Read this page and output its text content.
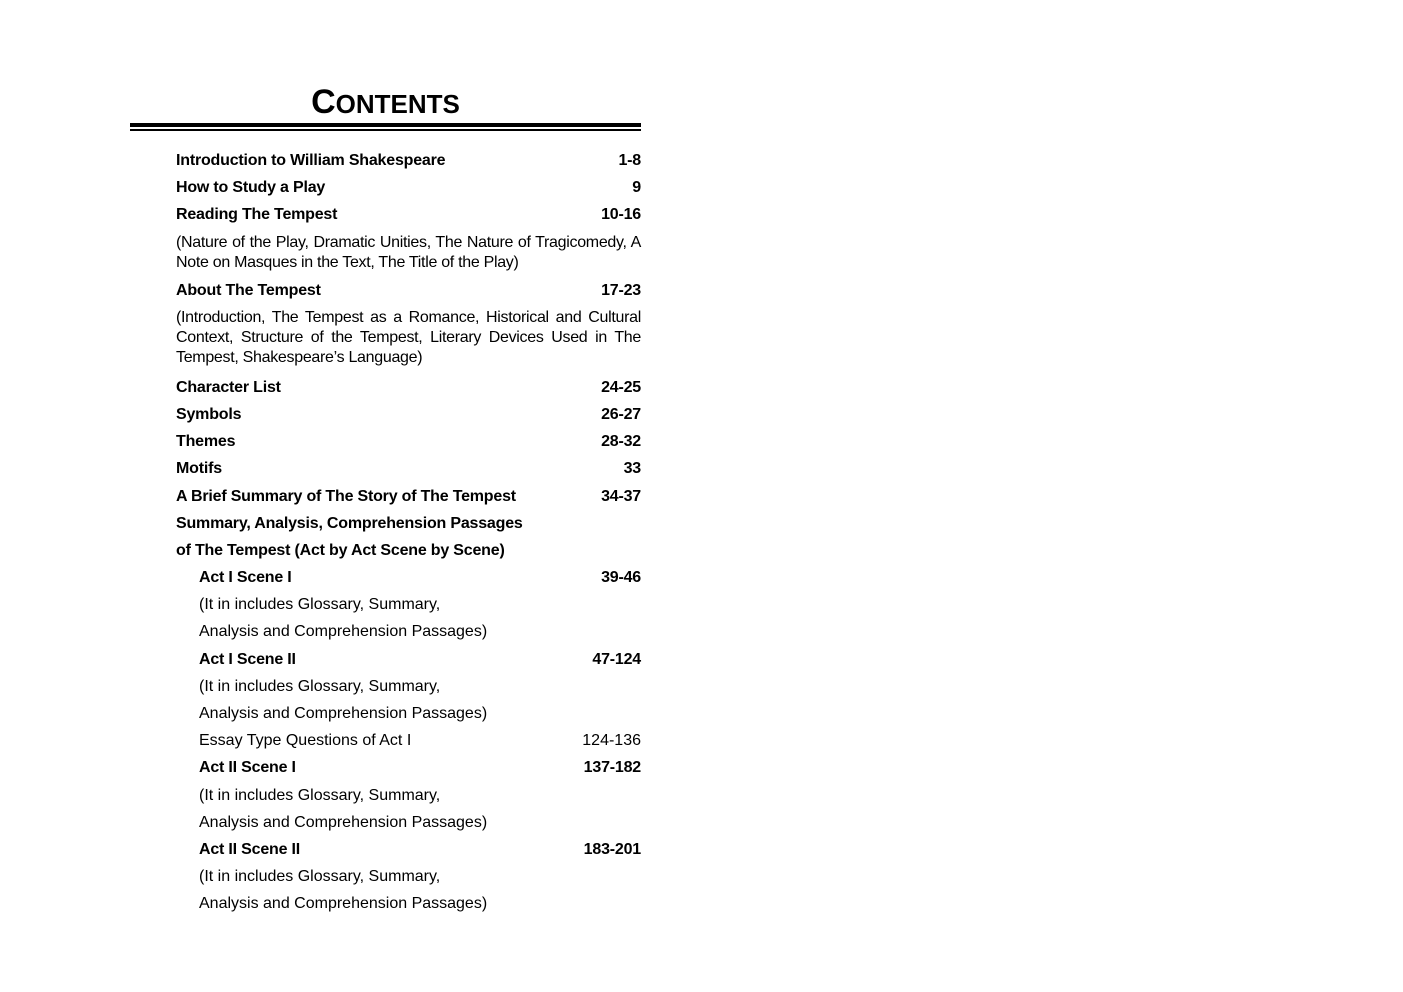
CONTENTS
Introduction to William Shakespeare	1-8
How to Study a Play	9
Reading The Tempest	10-16
(Nature of the Play, Dramatic Unities, The Nature of Tragicomedy, A Note on Masques in the Text, The Title of the Play)
About The Tempest	17-23
(Introduction, The Tempest as a Romance, Historical and Cultural Context, Structure of the Tempest, Literary Devices Used in The Tempest, Shakespeare’s Language)
Character List	24-25
Symbols	26-27
Themes	28-32
Motifs	33
A Brief Summary of The Story of The Tempest	34-37
Summary, Analysis, Comprehension Passages
of The Tempest (Act by Act Scene by Scene)
Act I Scene I	39-46
(It in includes Glossary, Summary,
Analysis and Comprehension Passages)
Act I Scene II	47-124
(It in includes Glossary, Summary,
Analysis and Comprehension Passages)
Essay Type Questions of Act I	124-136
Act II Scene I	137-182
(It in includes Glossary, Summary,
Analysis and Comprehension Passages)
Act II Scene II	183-201
(It in includes Glossary, Summary,
Analysis and Comprehension Passages)
